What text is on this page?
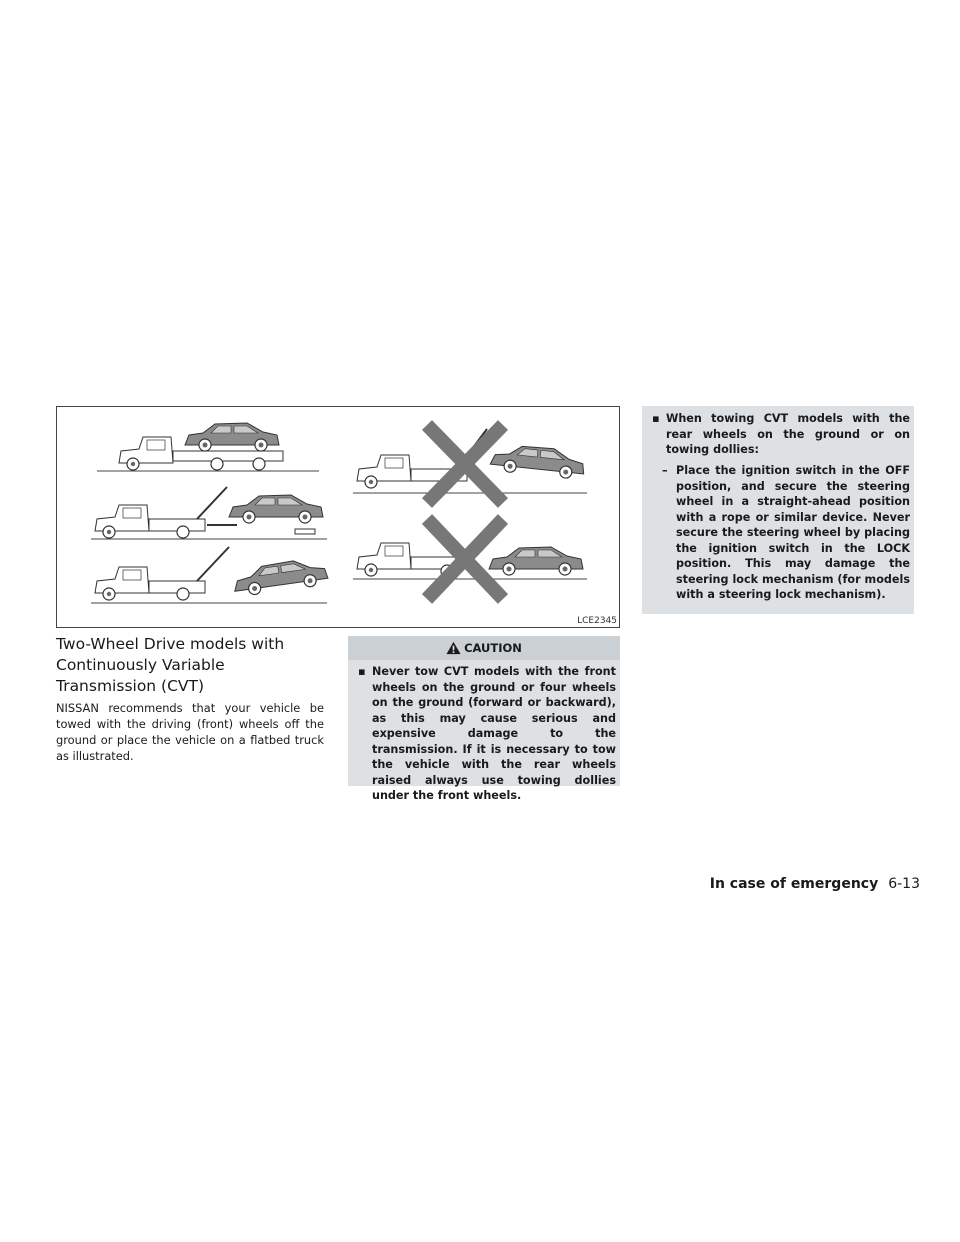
LCE2345
Two-Wheel Drive models with
Continuously Variable
Transmission (CVT)

NISSAN recommends that your vehicle be towed with the driving (front) wheels off the ground or place the vehicle on a flatbed truck as illustrated.

CAUTION

▪ Never tow CVT models with the front wheels on the ground or four wheels on the ground (forward or backward), as this may cause serious and expensive damage to the transmission. If it is necessary to tow the vehicle with the rear wheels raised always use towing dollies under the front wheels.

▪ When towing CVT models with the rear wheels on the ground or on towing dollies:

– Place the ignition switch in the OFF position, and secure the steering wheel in a straight-ahead position with a rope or similar device. Never secure the steering wheel by placing the ignition switch in the LOCK position. This may damage the steering lock mechanism (for models with a steering lock mechanism).

In case of emergency 6-13
